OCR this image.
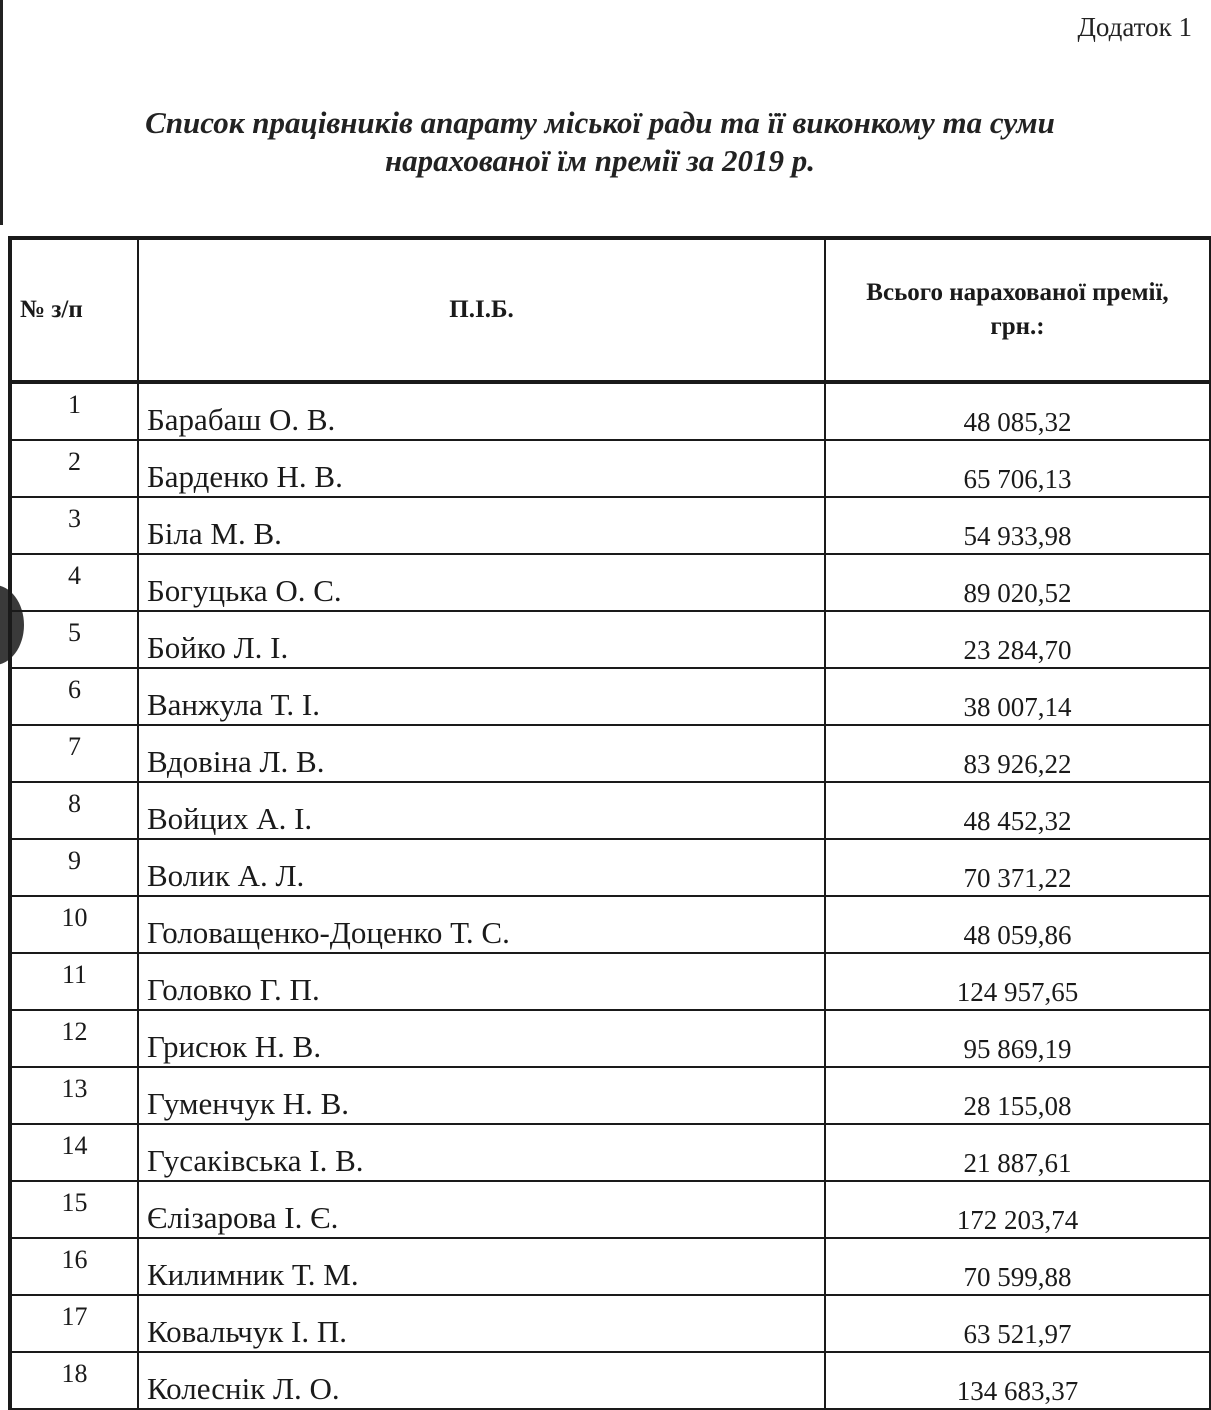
Додаток 1
Список працівників апарату міської ради та її виконкому та суми
нарахованої їм премії за 2019 р.
№ з/п	П.І.Б.	Всього нарахованої премії,
грн.:
1	Барабаш О. В.	48 085,32
2	Барденко Н. В.	65 706,13
3	Біла М. В.	54 933,98
4	Богуцька О. С.	89 020,52
5	Бойко Л. І.	23 284,70
6	Ванжула Т. І.	38 007,14
7	Вдовіна Л. В.	83 926,22
8	Войцих А. І.	48 452,32
9	Волик А. Л.	70 371,22
10	Головащенко-Доценко Т. С.	48 059,86
11	Головко Г. П.	124 957,65
12	Грисюк Н. В.	95 869,19
13	Гуменчук Н. В.	28 155,08
14	Гусаківська І. В.	21 887,61
15	Єлізарова І. Є.	172 203,74
16	Килимник Т. М.	70 599,88
17	Ковальчук І. П.	63 521,97
18	Колеснік Л. О.	134 683,37
